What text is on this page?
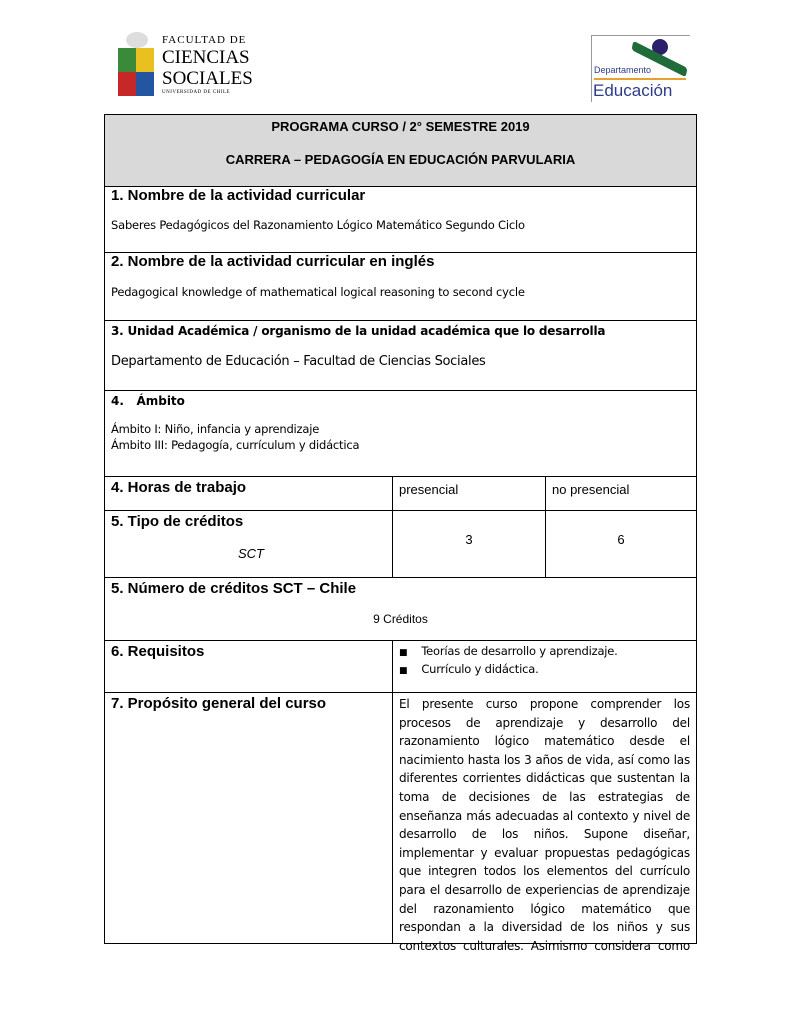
FACULTAD DE
CIENCIAS
SOCIALES
UNIVERSIDAD DE CHILE
Departamento
Educación
PROGRAMA CURSO / 2° SEMESTRE 2019
CARRERA – PEDAGOGÍA EN EDUCACIÓN PARVULARIA
1. Nombre de la actividad curricular
Saberes Pedagógicos del Razonamiento Lógico Matemático Segundo Ciclo
2. Nombre de la actividad curricular en inglés
Pedagogical knowledge of mathematical logical reasoning to second cycle
3. Unidad Académica / organismo de la unidad académica que lo desarrolla
Departamento de Educación – Facultad de Ciencias Sociales
4.   Ámbito
Ámbito I: Niño, infancia y aprendizaje
Ámbito III: Pedagogía, currículum y didáctica
4. Horas de trabajo	presencial	no presencial
5. Tipo de créditos
SCT
3	6
5. Número de créditos SCT – Chile
9 Créditos
6. Requisitos	■ Teorías de desarrollo y aprendizaje.
■ Currículo y didáctica.
7. Propósito general del curso	El presente curso propone comprender los
procesos de aprendizaje y desarrollo del
razonamiento lógico matemático desde el
nacimiento hasta los 3 años de vida, así como las
diferentes corrientes didácticas que sustentan la
toma de decisiones de las estrategias de
enseñanza más adecuadas al contexto y nivel de
desarrollo de los niños. Supone diseñar,
implementar y evaluar propuestas pedagógicas
que integren todos los elementos del currículo
para el desarrollo de experiencias de aprendizaje
del razonamiento lógico matemático que
respondan a la diversidad de los niños y sus
contextos culturales. Asimismo considera como
